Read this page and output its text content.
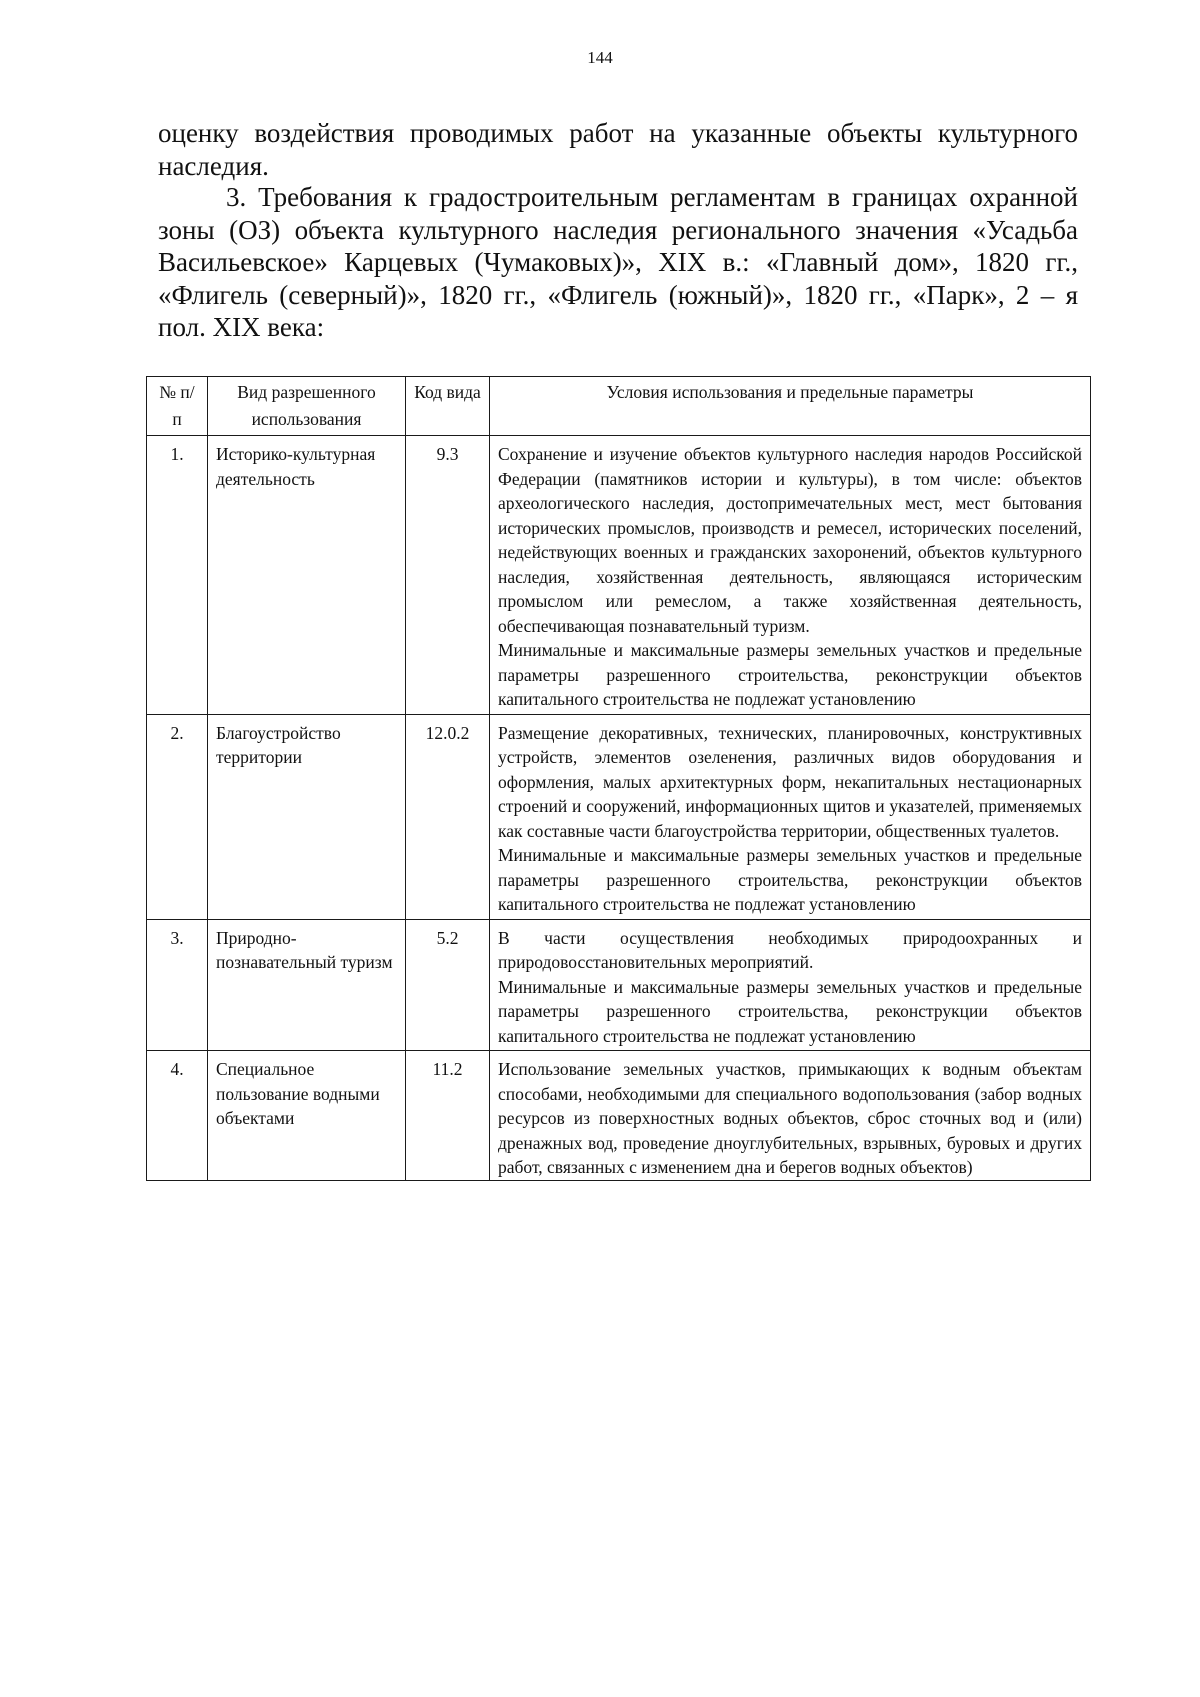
144
оценку воздействия проводимых работ на указанные объекты культурного наследия.
3. Требования к градостроительным регламентам в границах охранной зоны (ОЗ) объекта культурного наследия регионального значения «Усадьба Васильевское» Карцевых (Чумаковых)», XIX в.: «Главный дом», 1820 гг., «Флигель (северный)», 1820 гг., «Флигель (южный)», 1820 гг., «Парк», 2 – я пол. XIX века:
№ п/п	Вид разрешенного использования	Код вида	Условия использования и предельные параметры
1.	Историко-культурная деятельность	9.3	Сохранение и изучение объектов культурного наследия народов Российской Федерации (памятников истории и культуры), в том числе: объектов археологического наследия, достопримечательных мест, мест бытования исторических промыслов, производств и ремесел, исторических поселений, недействующих военных и гражданских захоронений, объектов культурного наследия, хозяйственная деятельность, являющаяся историческим промыслом или ремеслом, а также хозяйственная деятельность, обеспечивающая познавательный туризм.

Минимальные и максимальные размеры земельных участков и предельные параметры разрешенного строительства, реконструкции объектов капитального строительства не подлежат установлению

2.	Благоустройство территории	12.0.2	Размещение декоративных, технических, планировочных, конструктивных устройств, элементов озеленения, различных видов оборудования и оформления, малых архитектурных форм, некапитальных нестационарных строений и сооружений, информационных щитов и указателей, применяемых как составные части благоустройства территории, общественных туалетов.

Минимальные и максимальные размеры земельных участков и предельные параметры разрешенного строительства, реконструкции объектов капитального строительства не подлежат установлению

3.	Природно-познавательный туризм	5.2	В части осуществления необходимых природоохранных и природовосстановительных мероприятий.

Минимальные и максимальные размеры земельных участков и предельные параметры разрешенного строительства, реконструкции объектов капитального строительства не подлежат установлению

4.	Специальное пользование водными объектами	11.2	Использование земельных участков, примыкающих к водным объектам способами, необходимыми для специального водопользования (забор водных ресурсов из поверхностных водных объектов, сброс сточных вод и (или) дренажных вод, проведение дноуглубительных, взрывных, буровых и других работ, связанных с изменением дна и берегов водных объектов)
